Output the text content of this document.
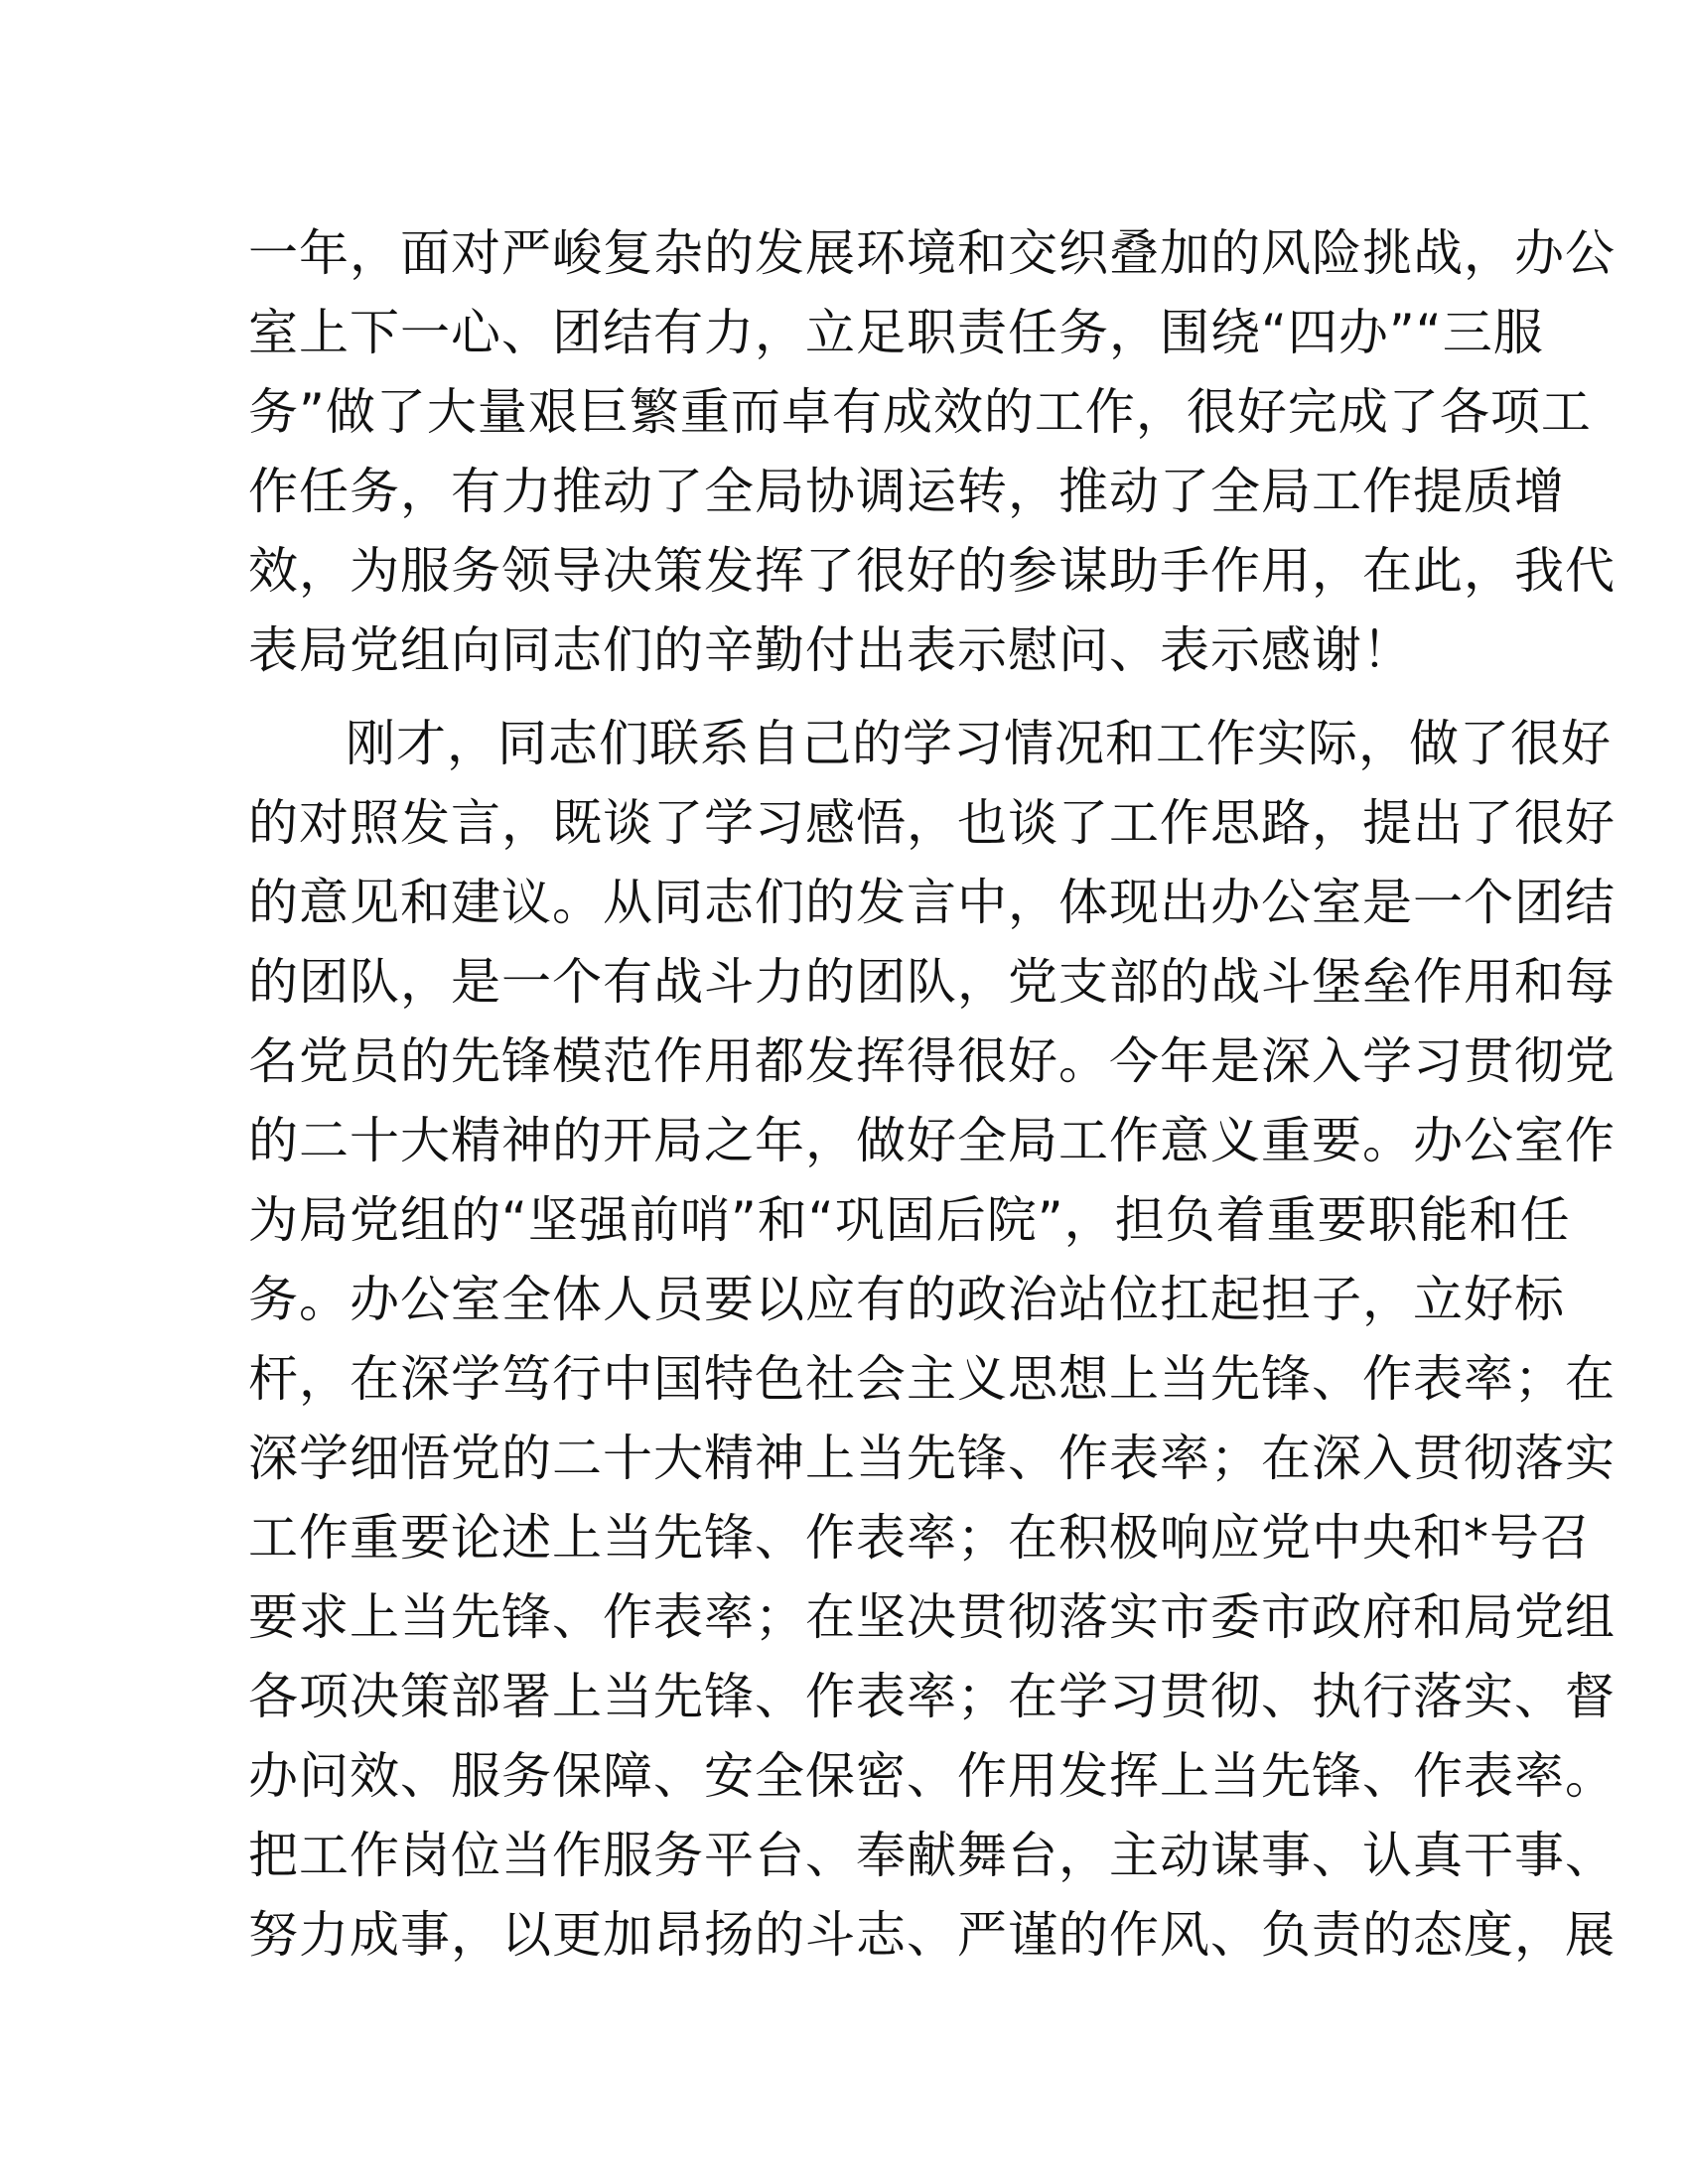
一年，面对严峻复杂的发展环境和交织叠加的风险挑战，办公
室上下一心、团结有力，立足职责任务，围绕“四办”“三服
务”做了大量艰巨繁重而卓有成效的工作，很好完成了各项工
作任务，有力推动了全局协调运转，推动了全局工作提质增
效，为服务领导决策发挥了很好的参谋助手作用，在此，我代
表局党组向同志们的辛勤付出表示慰问、表示感谢！
刚才，同志们联系自己的学习情况和工作实际，做了很好
的对照发言，既谈了学习感悟，也谈了工作思路，提出了很好
的意见和建议。从同志们的发言中，体现出办公室是一个团结
的团队，是一个有战斗力的团队，党支部的战斗堡垒作用和每
名党员的先锋模范作用都发挥得很好。今年是深入学习贯彻党
的二十大精神的开局之年，做好全局工作意义重要。办公室作
为局党组的“坚强前哨”和“巩固后院”，担负着重要职能和任
务。办公室全体人员要以应有的政治站位扛起担子，立好标
杆，在深学笃行中国特色社会主义思想上当先锋、作表率；在
深学细悟党的二十大精神上当先锋、作表率；在深入贯彻落实
工作重要论述上当先锋、作表率；在积极响应党中央和*号召
要求上当先锋、作表率；在坚决贯彻落实市委市政府和局党组
各项决策部署上当先锋、作表率；在学习贯彻、执行落实、督
办问效、服务保障、安全保密、作用发挥上当先锋、作表率。
把工作岗位当作服务平台、奉献舞台，主动谋事、认真干事、
努力成事，以更加昂扬的斗志、严谨的作风、负责的态度，展
